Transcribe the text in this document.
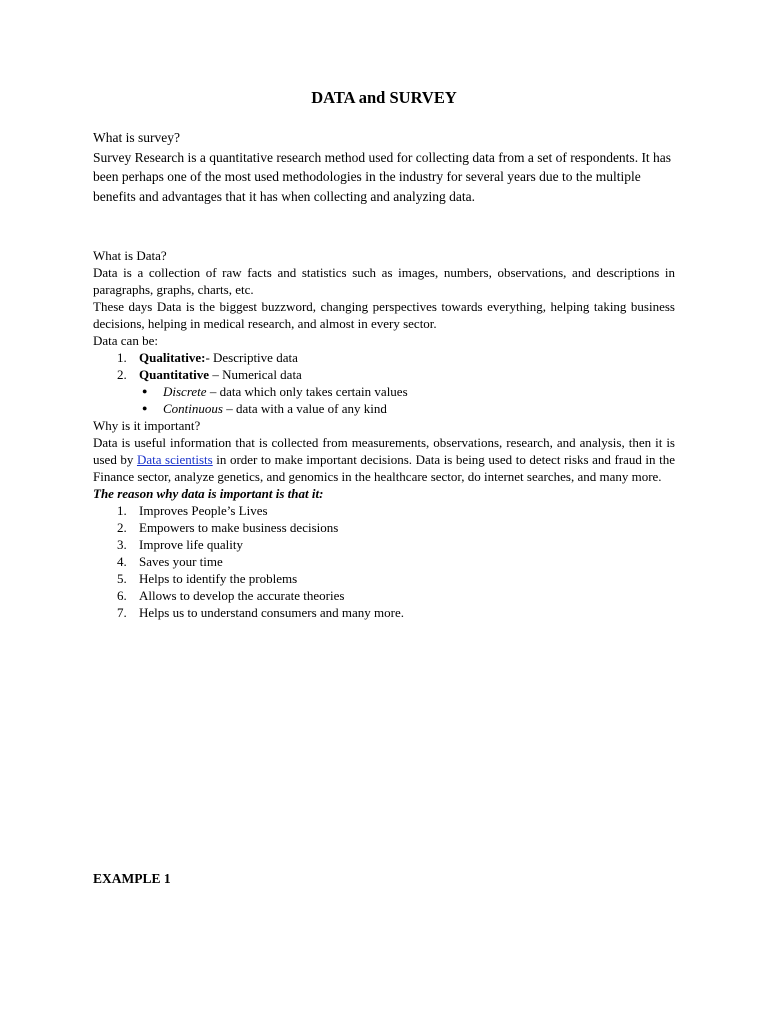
DATA and SURVEY

What is survey?

Survey Research is a quantitative research method used for collecting data from a set of respondents. It has been perhaps one of the most used methodologies in the industry for several years due to the multiple benefits and advantages that it has when collecting and analyzing data.

What is Data?

Data is a collection of raw facts and statistics such as images, numbers, observations, and descriptions in paragraphs, graphs, charts, etc.

These days Data is the biggest buzzword, changing perspectives towards everything, helping taking business decisions, helping in medical research, and almost in every sector.

Data can be:

1. Qualitative:- Descriptive data
2. Quantitative – Numerical data
● Discrete – data which only takes certain values
● Continuous – data with a value of any kind

Why is it important?

Data is useful information that is collected from measurements, observations, research, and analysis, then it is used by Data scientists in order to make important decisions. Data is being used to detect risks and fraud in the Finance sector, analyze genetics, and genomics in the healthcare sector, do internet searches, and many more.

The reason why data is important is that it:

1. Improves People’s Lives
2. Empowers to make business decisions
3. Improve life quality
4. Saves your time
5. Helps to identify the problems
6. Allows to develop the accurate theories
7. Helps us to understand consumers and many more.
EXAMPLE 1
